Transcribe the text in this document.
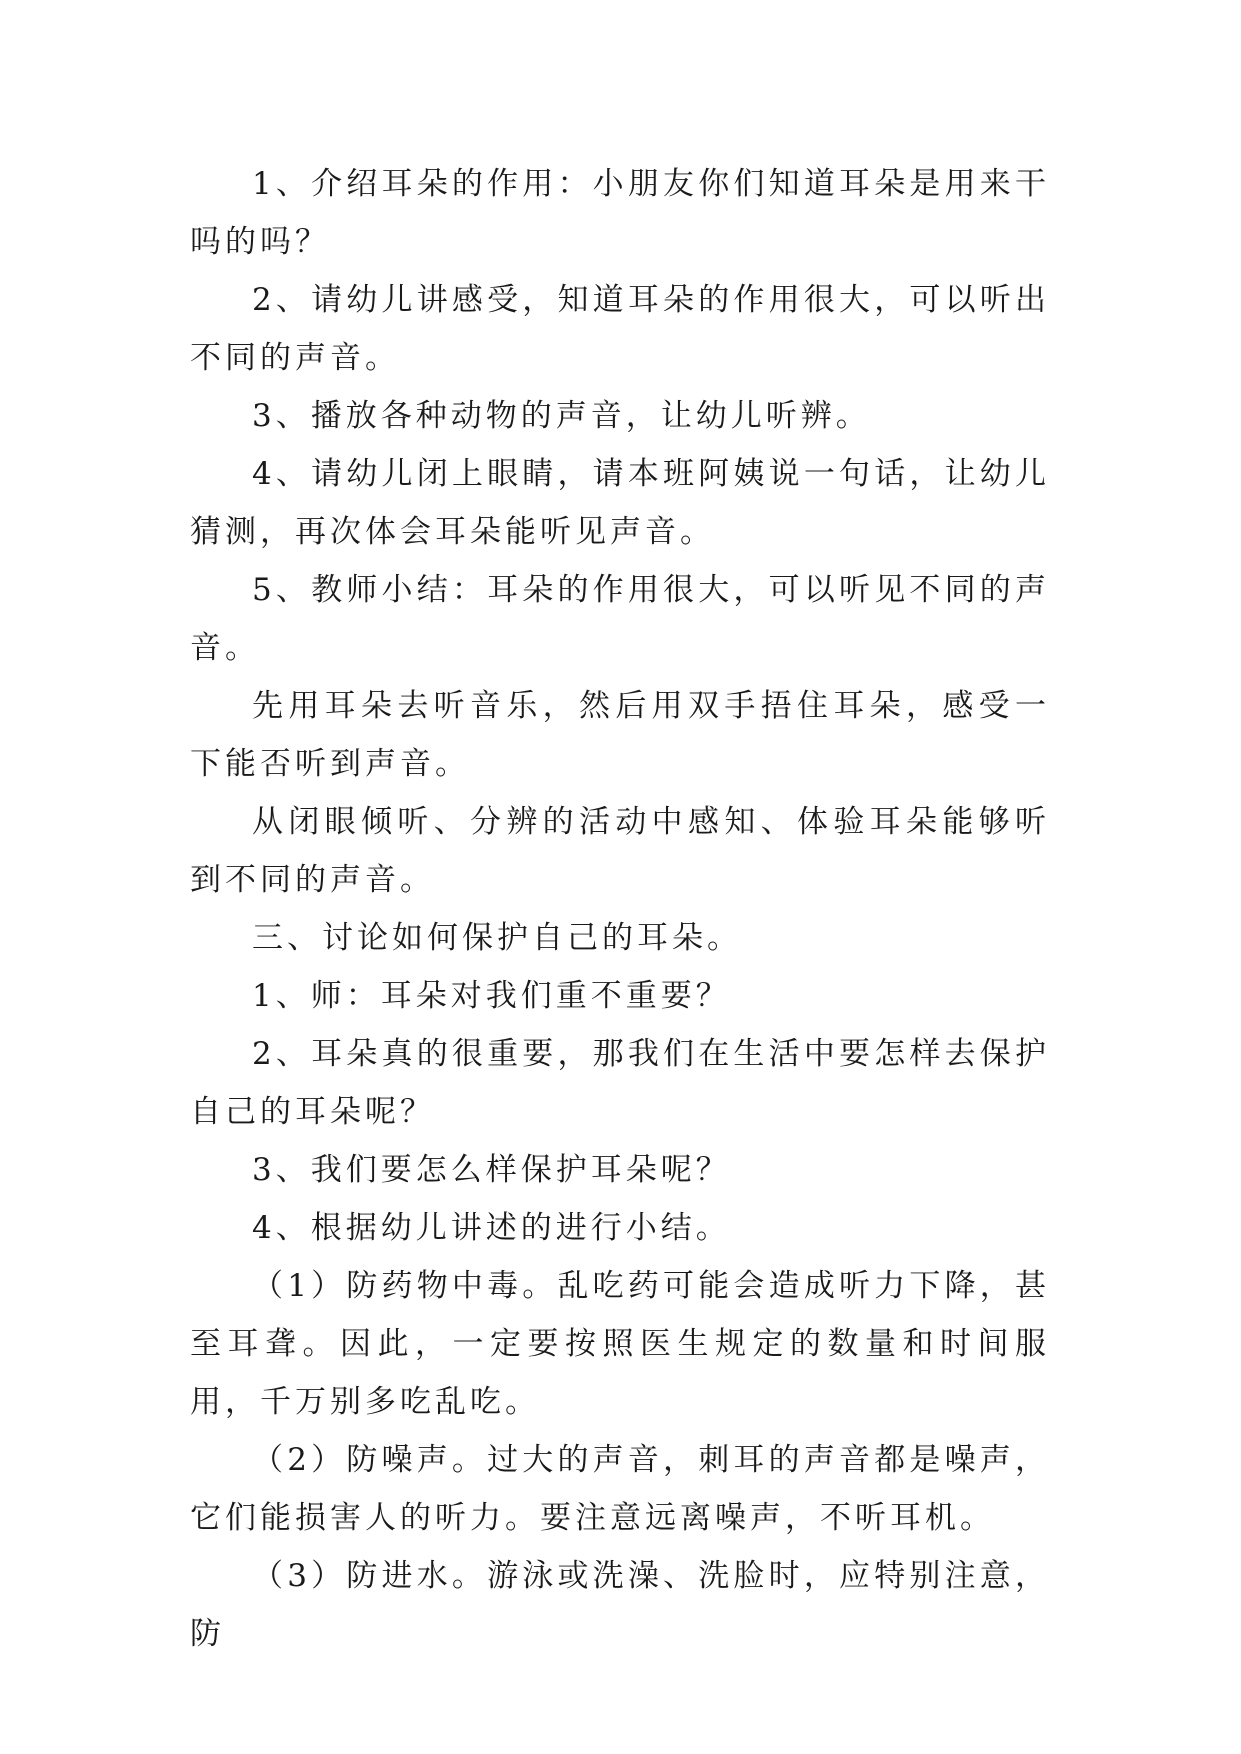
1、介绍耳朵的作用：小朋友你们知道耳朵是用来干吗的吗？

2、请幼儿讲感受，知道耳朵的作用很大，可以听出不同的声音。

3、播放各种动物的声音，让幼儿听辨。

4、请幼儿闭上眼睛，请本班阿姨说一句话，让幼儿猜测，再次体会耳朵能听见声音。

5、教师小结：耳朵的作用很大，可以听见不同的声音。

先用耳朵去听音乐，然后用双手捂住耳朵，感受一下能否听到声音。

从闭眼倾听、分辨的活动中感知、体验耳朵能够听到不同的声音。

三、讨论如何保护自己的耳朵。

1、师：耳朵对我们重不重要？

2、耳朵真的很重要，那我们在生活中要怎样去保护自己的耳朵呢？

3、我们要怎么样保护耳朵呢？

4、根据幼儿讲述的进行小结。

（1）防药物中毒。乱吃药可能会造成听力下降，甚至耳聋。因此，一定要按照医生规定的数量和时间服用，千万别多吃乱吃。

（2）防噪声。过大的声音，刺耳的声音都是噪声，它们能损害人的听力。要注意远离噪声，不听耳机。

（3）防进水。游泳或洗澡、洗脸时，应特别注意，防
